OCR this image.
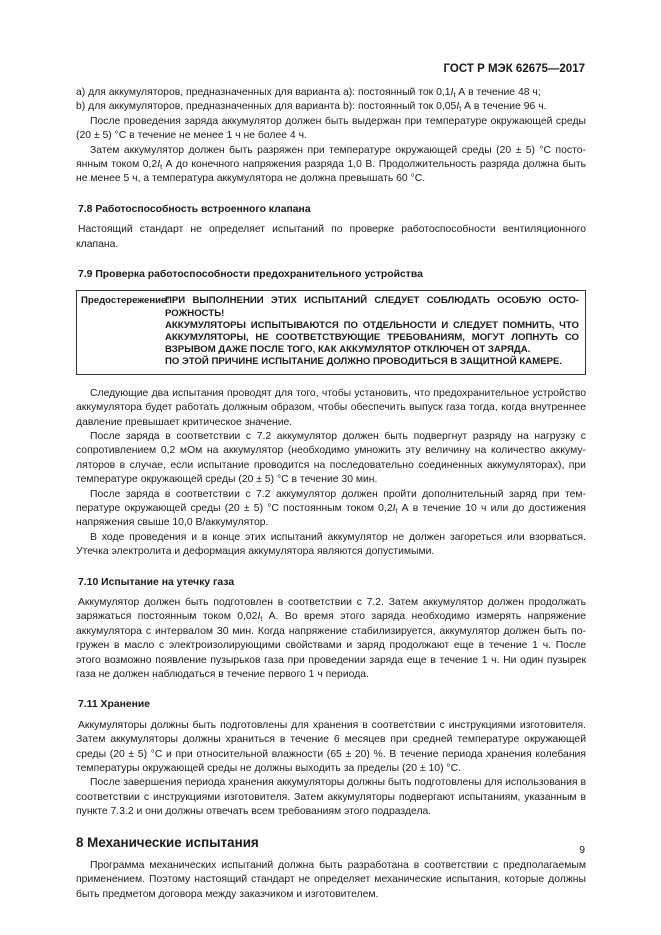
ГОСТ Р МЭК 62675—2017

а) для аккумуляторов, предназначенных для варианта а): постоянный ток $0,1I_t$ А в течение 48 ч;

b) для аккумуляторов, предназначенных для варианта b): постоянный ток $0,05I_t$ А в течение 96 ч.

После проведения заряда аккумулятор должен быть выдержан при температуре окружающей среды (20 ± 5) °С в течение не менее 1 ч не более 4 ч.

Затем аккумулятор должен быть разряжен при температуре окружающей среды (20 ± 5) °С постоянным током $0,2I_t$ А до конечного напряжения разряда 1,0 В. Продолжительность разряда должна быть не менее 5 ч, а температура аккумулятора не должна превышать 60 °С.

7.8 Работоспособность встроенного клапана

Настоящий стандарт не определяет испытаний по проверке работоспособности вентиляционного клапана.

7.9 Проверка работоспособности предохранительного устройства
Предостережение:
ПРИ ВЫПОЛНЕНИИ ЭТИХ ИСПЫТАНИЙ СЛЕДУЕТ СОБЛЮДАТЬ ОСОБУЮ ОСТОРОЖНОСТЬ!
АККУМУЛЯТОРЫ ИСПЫТЫВАЮТСЯ ПО ОТДЕЛЬНОСТИ И СЛЕДУЕТ ПОМНИТЬ, ЧТО АККУМУЛЯТОРЫ, НЕ СООТВЕТСТВУЮЩИЕ ТРЕБОВАНИЯМ, МОГУТ ЛОПНУТЬ СО ВЗРЫВОМ ДАЖЕ ПОСЛЕ ТОГО, КАК АККУМУЛЯТОР ОТКЛЮЧЕН ОТ ЗАРЯДА.
ПО ЭТОЙ ПРИЧИНЕ ИСПЫТАНИЕ ДОЛЖНО ПРОВОДИТЬСЯ В ЗАЩИТНОЙ КАМЕРЕ.

Следующие два испытания проводят для того, чтобы установить, что предохранительное устройство аккумулятора будет работать должным образом, чтобы обеспечить выпуск газа тогда, когда внутреннее давление превышает критическое значение.

После заряда в соответствии с 7.2 аккумулятор должен быть подвергнут разряду на нагрузку с сопротивлением 0,2 мОм на аккумулятор (необходимо умножить эту величину на количество аккумуляторов в случае, если испытание проводится на последовательно соединенных аккумуляторах), при температуре окружающей среды (20 ± 5) °С в течение 30 мин.

После заряда в соответствии с 7.2 аккумулятор должен пройти дополнительный заряд при температуре окружающей среды (20 ± 5) °С постоянным током $0,2I_t$ А в течение 10 ч или до достижения напряжения свыше 10,0 В/аккумулятор.

В ходе проведения и в конце этих испытаний аккумулятор не должен загореться или взорваться. Утечка электролита и деформация аккумулятора являются допустимыми.

7.10 Испытание на утечку газа

Аккумулятор должен быть подготовлен в соответствии с 7.2. Затем аккумулятор должен продолжать заряжаться постоянным током $0,02I_t$ А. Во время этого заряда необходимо измерять напряжение аккумулятора с интервалом 30 мин. Когда напряжение стабилизируется, аккумулятор должен быть погружен в масло с электроизолирующими свойствами и заряд продолжают еще в течение 1 ч. После этого возможно появление пузырьков газа при проведении заряда еще в течение 1 ч. Ни один пузырек газа не должен наблюдаться в течение первого 1 ч периода.

7.11 Хранение

Аккумуляторы должны быть подготовлены для хранения в соответствии с инструкциями изготовителя. Затем аккумуляторы должны храниться в течение 6 месяцев при средней температуре окружающей среды (20 ± 5) °С и при относительной влажности (65 ± 20) %. В течение периода хранения колебания температуры окружающей среды не должны выходить за пределы (20 ± 10) °С.

После завершения периода хранения аккумуляторы должны быть подготовлены для использования в соответствии с инструкциями изготовителя. Затем аккумуляторы подвергают испытаниям, указанным в пункте 7.3.2 и они должны отвечать всем требованиям этого подраздела.

8 Механические испытания

Программа механических испытаний должна быть разработана в соответствии с предполагаемым применением. Поэтому настоящий стандарт не определяет механические испытания, которые должны быть предметом договора между заказчиком и изготовителем.

9
